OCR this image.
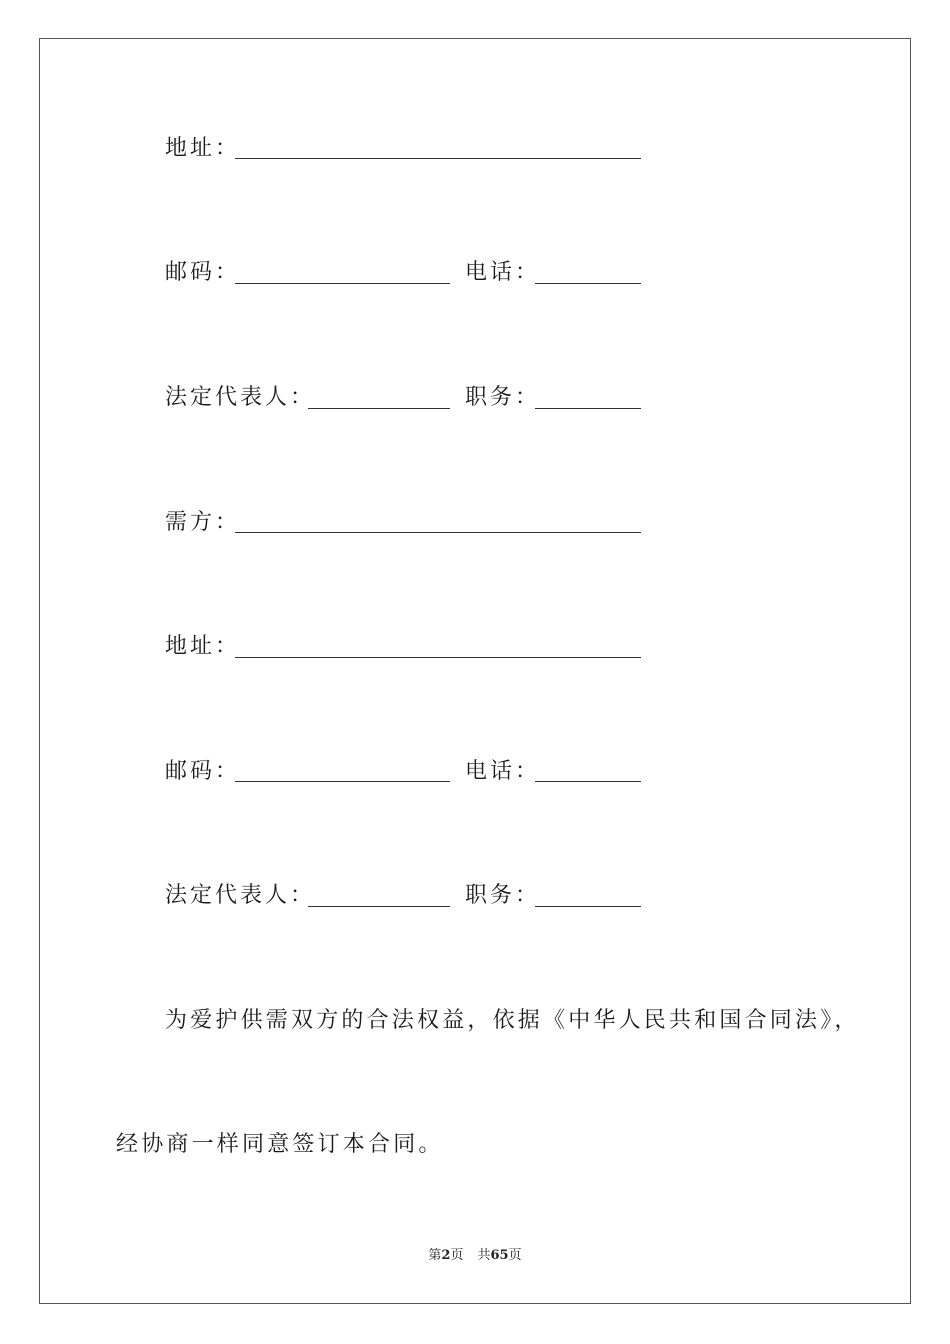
地址：
邮码：	电话：
法定代表人：	职务：
需方：
地址：
邮码：	电话：
法定代表人：	职务：
为爱护供需双方的合法权益，依据《中华人民共和国合同法》，
经协商一样同意签订本合同。
第2页 共65页
